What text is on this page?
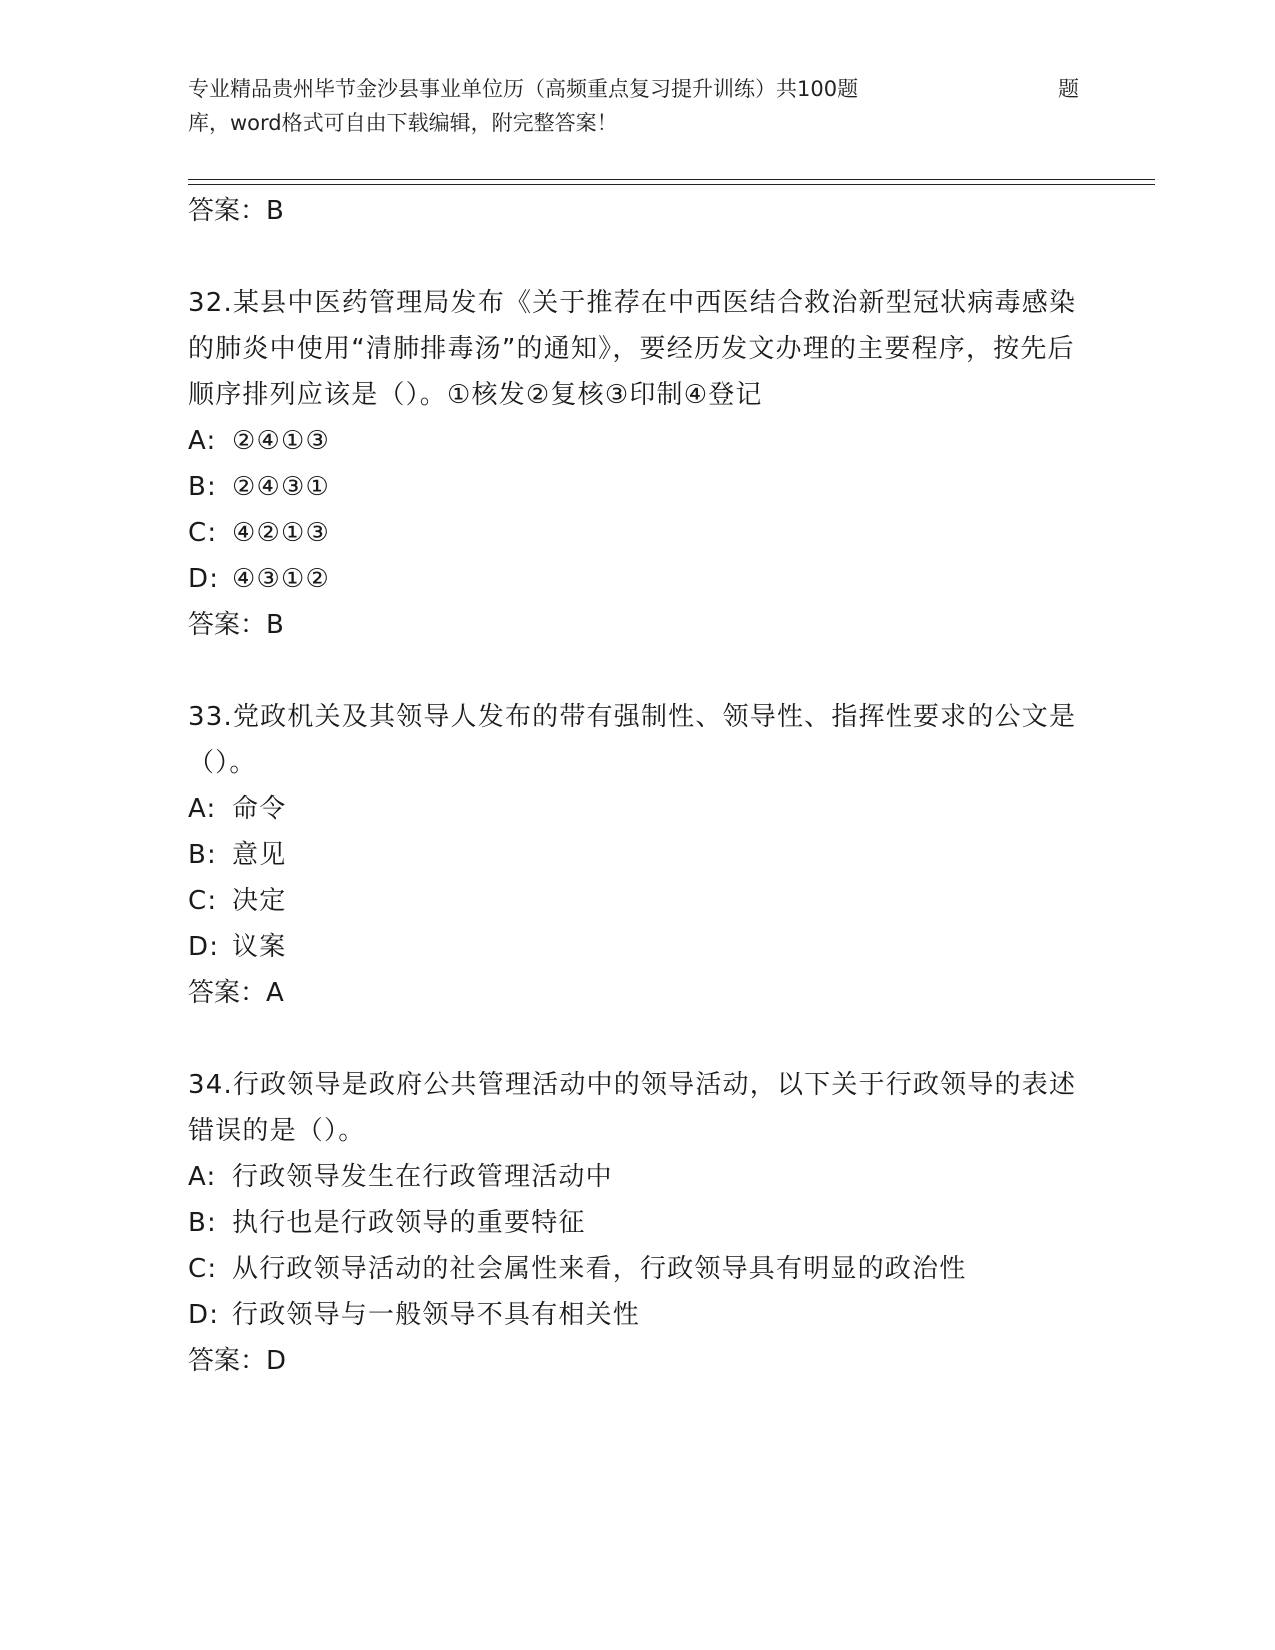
专业精品贵州毕节金沙县事业单位历（高频重点复习提升训练）共100题	题
库，word格式可自由下载编辑，附完整答案！
答案：B
32.某县中医药管理局发布《关于推荐在中西医结合救治新型冠状病毒感染的肺炎中使用“清肺排毒汤”的通知》，要经历发文办理的主要程序，按先后顺序排列应该是（）。①核发②复核③印制④登记
A: ②④①③
B: ②④③①
C: ④②①③
D: ④③①②
答案：B
33.党政机关及其领导人发布的带有强制性、领导性、指挥性要求的公文是（）。
A: 命令
B: 意见
C: 决定
D: 议案
答案：A
34.行政领导是政府公共管理活动中的领导活动，以下关于行政领导的表述错误的是（）。
A: 行政领导发生在行政管理活动中
B: 执行也是行政领导的重要特征
C: 从行政领导活动的社会属性来看，行政领导具有明显的政治性
D: 行政领导与一般领导不具有相关性
答案：D
